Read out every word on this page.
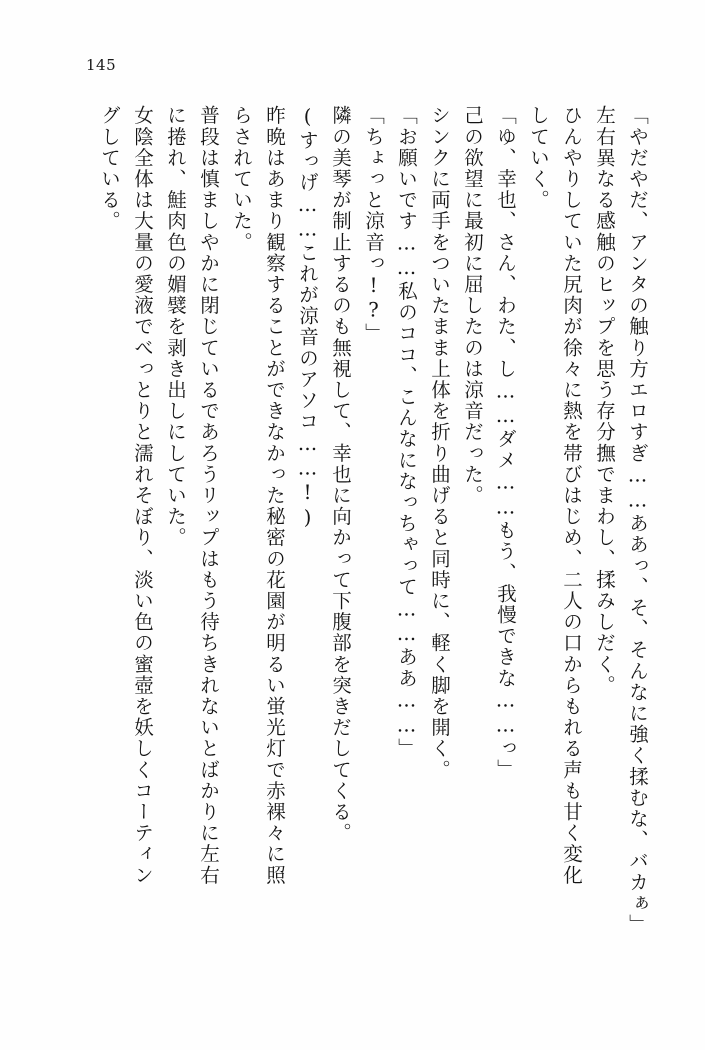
145
「やだやだ、アンタの触り方エロすぎ……ああっ、そ、そんなに強く揉むな、バカぁ」
左右異なる感触のヒップを思う存分撫でまわし、揉みしだく。
ひんやりしていた尻肉が徐々に熱を帯びはじめ、二人の口からもれる声も甘く変化
していく。
「ゆ、幸也、さん、わた、し……ダメ……もう、我慢できな……っ」
己の欲望に最初に屈したのは涼音だった。
シンクに両手をついたまま上体を折り曲げると同時に、軽く脚を開く。
「お願いです……私のココ、こんなになっちゃって……ああ……」
「ちょっと涼音っ!?」
隣の美琴が制止するのも無視して、幸也に向かって下腹部を突きだしてくる。
(すっげ……これが涼音のアソコ……!)
昨晩はあまり観察することができなかった秘密の花園が明るい蛍光灯で赤裸々に照
らされていた。
普段は慎ましやかに閉じているであろうリップはもう待ちきれないとばかりに左右
に捲れ、鮭肉色の媚襞を剥き出しにしていた。
女陰全体は大量の愛液でべっとりと濡れそぼり、淡い色の蜜壺を妖しくコーティン
グしている。
